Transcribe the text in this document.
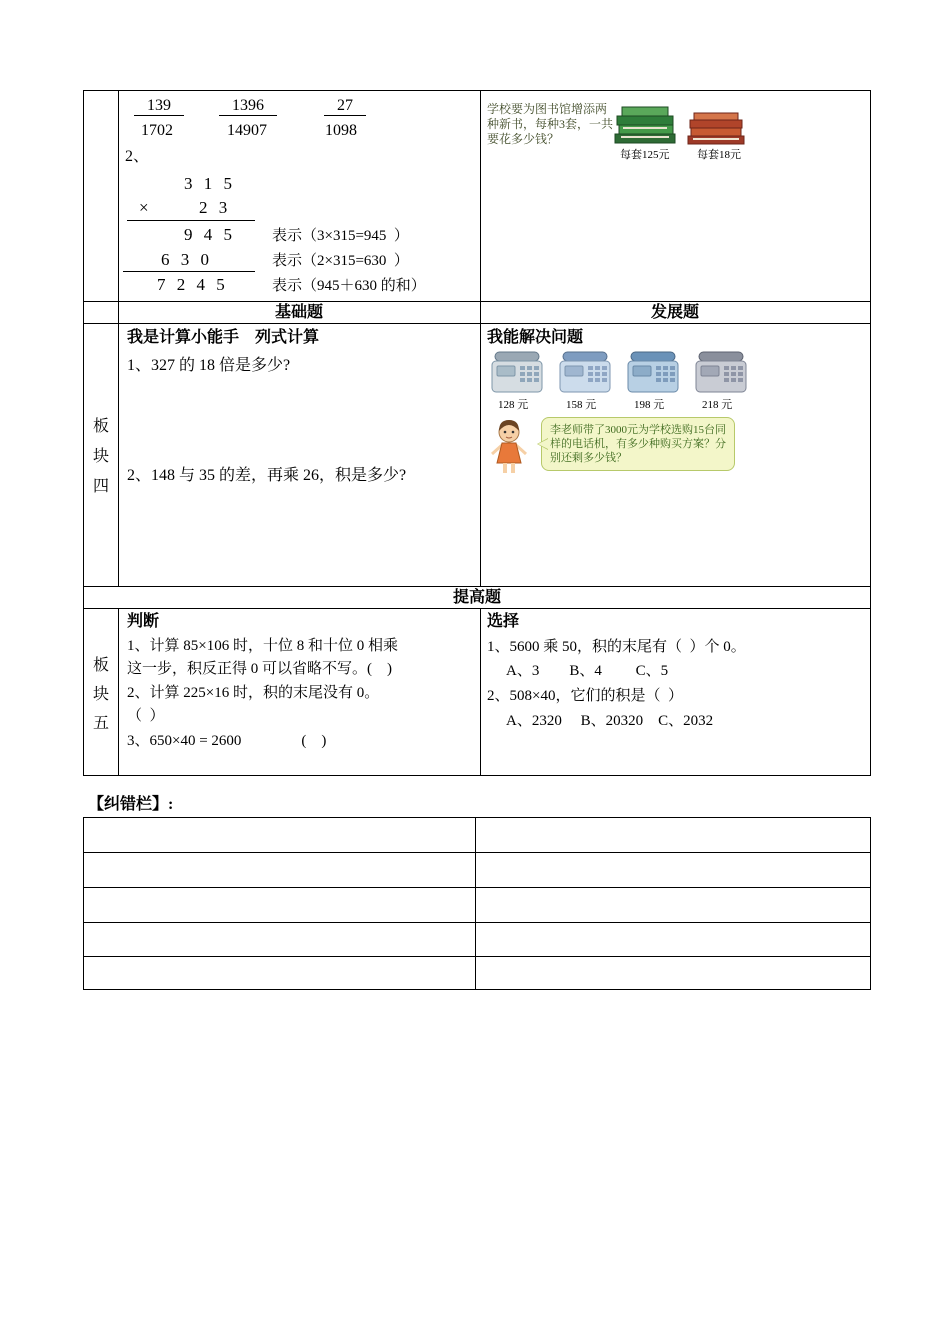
139	1396	27
1702	14907	1098
2、
3 1 5
×	2 3
9 4 5	表示（3×315=945  ）
6 3 0	表示（2×315=630  ）
7 2 4 5	表示（945＋630 的和）
学校要为图书馆增添两
种新书，每种3套，一共
要花多少钱？
每套125元	每套18元
基础题	发展题
板
块
四
我是计算小能手　列式计算
1、327 的 18 倍是多少?
2、148 与 35 的差，再乘 26，积是多少?
我能解决问题
128 元	158 元	198 元	218 元
李老师带了3000元为学校选购15台同样的电话机，有多少种购买方案？分别还剩多少钱？
提高题
板
块
五
判断
1、计算 85×106 时，十位 8 和十位 0 相乘
这一步，积反正得 0 可以省略不写。(    )
2、计算 225×16 时，积的末尾没有 0。
（  ）
3、650×40 = 2600                (    )
选择
1、5600 乘 50，积的末尾有（  ）个 0。
A、3        B、4         C、5
2、508×40，它们的积是（  ）
A、2320     B、20320    C、2032
【纠错栏】:
